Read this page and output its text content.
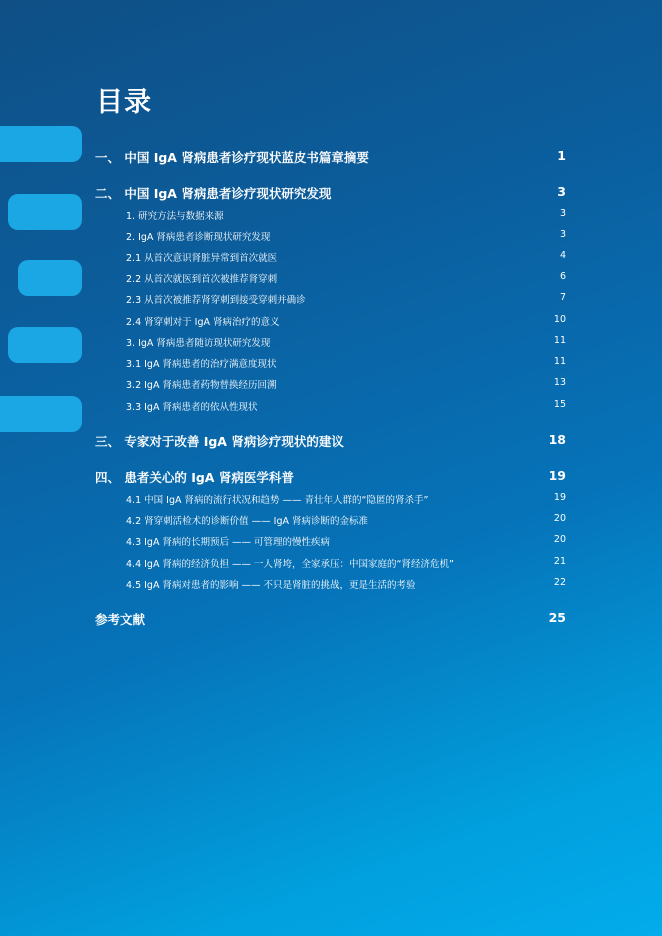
目录
一、 中国 IgA 肾病患者诊疗现状蓝皮书篇章摘要	1
二、 中国 IgA 肾病患者诊疗现状研究发现	3
1. 研究方法与数据来源	3
2. IgA 肾病患者诊断现状研究发现	3
2.1 从首次意识肾脏异常到首次就医	4
2.2 从首次就医到首次被推荐肾穿刺	6
2.3 从首次被推荐肾穿刺到接受穿刺并确诊	7
2.4 肾穿刺对于 IgA 肾病治疗的意义	10
3. IgA 肾病患者随访现状研究发现	11
3.1 IgA 肾病患者的治疗满意度现状	11
3.2 IgA 肾病患者药物替换经历回溯	13
3.3 IgA 肾病患者的依从性现状	15
三、 专家对于改善 IgA 肾病诊疗现状的建议	18
四、 患者关心的 IgA 肾病医学科普	19
4.1 中国 IgA 肾病的流行状况和趋势 —— 青壮年人群的“隐匿的肾杀手”	19
4.2 肾穿刺活检术的诊断价值 —— IgA 肾病诊断的金标准	20
4.3 IgA 肾病的长期预后 —— 可管理的慢性疾病	20
4.4 IgA 肾病的经济负担 —— 一人肾垮，全家承压：中国家庭的“肾经济危机”	21
4.5 IgA 肾病对患者的影响 —— 不只是肾脏的挑战，更是生活的考验	22
参考文献	25
